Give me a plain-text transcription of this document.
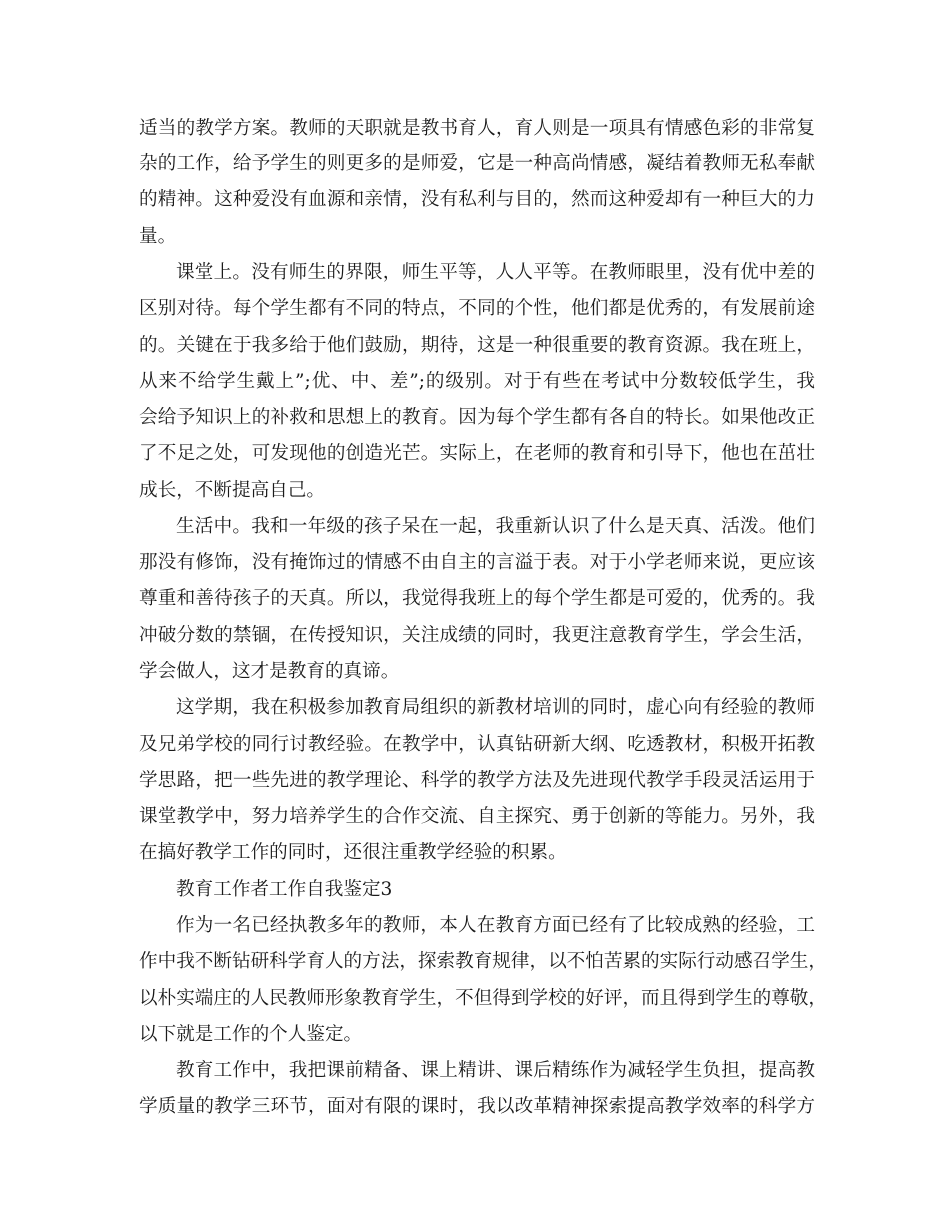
适当的教学方案。教师的天职就是教书育人，育人则是一项具有情感色彩的非常复
杂的工作，给予学生的则更多的是师爱，它是一种高尚情感，凝结着教师无私奉献
的精神。这种爱没有血源和亲情，没有私利与目的，然而这种爱却有一种巨大的力
量。
课堂上。没有师生的界限，师生平等，人人平等。在教师眼里，没有优中差的
区别对待。每个学生都有不同的特点，不同的个性，他们都是优秀的，有发展前途
的。关键在于我多给于他们鼓励，期待，这是一种很重要的教育资源。我在班上，
从来不给学生戴上”;优、中、差”;的级别。对于有些在考试中分数较低学生，我
会给予知识上的补救和思想上的教育。因为每个学生都有各自的特长。如果他改正
了不足之处，可发现他的创造光芒。实际上，在老师的教育和引导下，他也在茁壮
成长，不断提高自己。
生活中。我和一年级的孩子呆在一起，我重新认识了什么是天真、活泼。他们
那没有修饰，没有掩饰过的情感不由自主的言溢于表。对于小学老师来说，更应该
尊重和善待孩子的天真。所以，我觉得我班上的每个学生都是可爱的，优秀的。我
冲破分数的禁锢，在传授知识，关注成绩的同时，我更注意教育学生，学会生活，
学会做人，这才是教育的真谛。
这学期，我在积极参加教育局组织的新教材培训的同时，虚心向有经验的教师
及兄弟学校的同行讨教经验。在教学中，认真钻研新大纲、吃透教材，积极开拓教
学思路，把一些先进的教学理论、科学的教学方法及先进现代教学手段灵活运用于
课堂教学中，努力培养学生的合作交流、自主探究、勇于创新的等能力。另外，我
在搞好教学工作的同时，还很注重教学经验的积累。
教育工作者工作自我鉴定3
作为一名已经执教多年的教师，本人在教育方面已经有了比较成熟的经验，工
作中我不断钻研科学育人的方法，探索教育规律，以不怕苦累的实际行动感召学生，
以朴实端庄的人民教师形象教育学生，不但得到学校的好评，而且得到学生的尊敬，
以下就是工作的个人鉴定。
教育工作中，我把课前精备、课上精讲、课后精练作为减轻学生负担，提高教
学质量的教学三环节，面对有限的课时，我以改革精神探索提高教学效率的科学方
